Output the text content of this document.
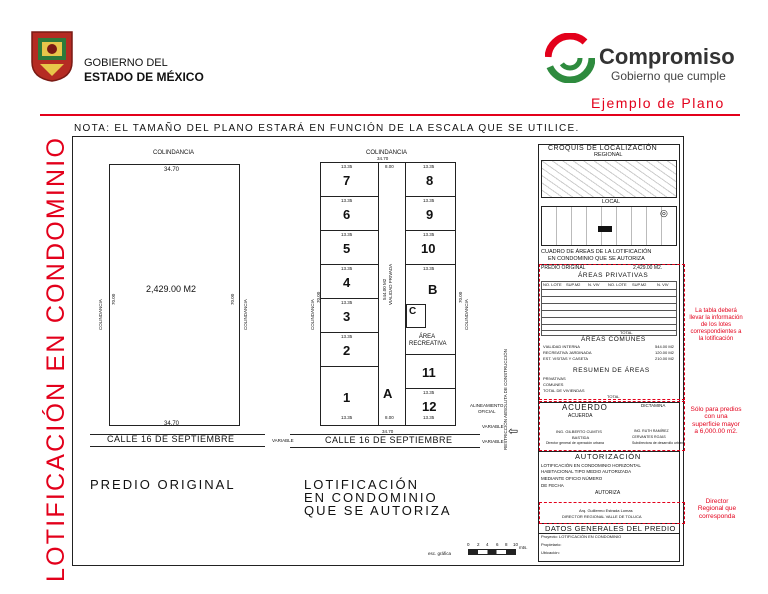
GOBIERNO DEL
ESTADO DE MÉXICO
Compromiso
Gobierno que cumple
Ejemplo de Plano
LOTIFICACIÓN EN CONDOMINIO
NOTA: EL TAMAÑO DEL PLANO ESTARÁ EN FUNCIÓN DE LA ESCALA QUE SE UTILICE.
COLINDANCIA
34.70
2,429.00 M2
COLINDANCIA 70.00	COLINDANCIA
70.00
34.70
CALLE 16 DE SEPTIEMBRE
PREDIO ORIGINAL
COLINDANCIA
34.70
VIALIDAD PRIVADA
544.00 M2
8.00
8.00
7
6
5
4
3
2
1
13.35
13.35
13.35
13.35
13.35
13.35
13.35
8
9
10
B
11
12
13.35
13.35
13.35
13.35
13.35
13.35
C
ÁREA RECREATIVA
A
COLINDANCIA
70.00
COLINDANCIA
70.00
34.70
CALLE 16 DE SEPTIEMBRE
VARIABLE	VARIABLE
VARIABLE
ALINEAMIENTO
OFICIAL RESTRICCIÓN ABSOLUTA DE CONSTRUCCIÓN ⇦
LOTIFICACIÓN
EN CONDOMINIO
QUE SE AUTORIZA
esc. gráfica
0 2 4 6 8 10
mts.
CROQUIS DE LOCALIZACIÓN
REGIONAL
LOCAL
◎
CUADRO DE ÁREAS DE LA LOTIFICACIÓN
EN CONDOMINIO QUE SE AUTORIZA
PREDIO ORIGINAL	2,429.00 M2.
ÁREAS PRIVATIVAS
NO. LOTE SUP.M2 N. VIV NO. LOTE SUP.M2	N. VIV
TOTAL
ÁREAS COMUNES
VIALIDAD INTERNA	544.00 M2
RECREATIVA JARDINADA	120.00 M2
EST. VISITAS Y CASETA	210.00 M2
RESUMEN DE ÁREAS
PRIVATIVAS
COMUNES
TOTAL DE VIVIENDAS
TOTAL
ACUERDO
ACUERDA
DICTAMINA
ING. GILBERTO CUMTIS
BASTIDA
Director general de operación urbana
ING. RUTH RAMÍREZ
CERVANTES ROJAS
Subdirectora de desarrollo urbano
AUTORIZACIÓN
LOTIFICACIÓN EN CONDOMINIO HORIZONTAL
HABITACIONAL TIPO MEDIO AUTORIZADA
MEDIANTE OFICIO NÚMERO
DE FECHA
AUTORIZA
Arq. Guillermo Estrada Lomas
DIRECTOR REGIONAL VALLE DE TOLUCA
DATOS GENERALES DEL PREDIO
Proyecto: LOTIFICACIÓN EN CONDOMINIO
Propietario:
Ubicación:
La tabla deberá llevar la información de los lotes correspondientes a la lotificación
Sólo para predios con una superficie mayor a 6,000.00 m2.
Director Regional que corresponda
